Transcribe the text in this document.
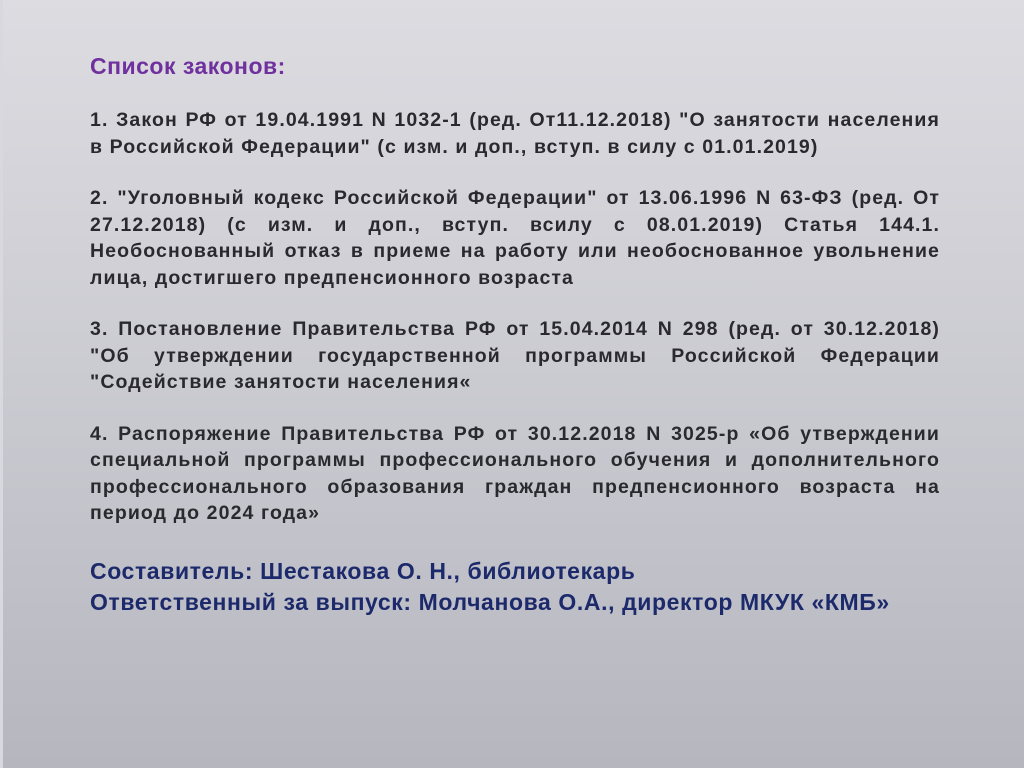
Список законов:
1. Закон РФ от 19.04.1991 N 1032-1 (ред. От11.12.2018) "О занятости населения в Российской Федерации" (с изм. и доп., вступ. в силу с 01.01.2019)
2. "Уголовный кодекс Российской Федерации" от 13.06.1996 N 63-ФЗ (ред. От 27.12.2018) (с изм. и доп., вступ. всилу с 08.01.2019) Статья 144.1. Необоснованный отказ в приеме на работу или необоснованное увольнение лица, достигшего предпенсионного возраста
3. Постановление Правительства РФ от 15.04.2014 N 298 (ред. от 30.12.2018) "Об утверждении государственной программы Российской Федерации "Содействие занятости населения«
4. Распоряжение Правительства РФ от 30.12.2018 N 3025-р «Об утверждении специальной программы профессионального обучения и дополнительного профессионального образования граждан предпенсионного возраста на период до 2024 года»
Составитель: Шестакова О. Н., библиотекарь
Ответственный за выпуск: Молчанова О.А., директор МКУК «КМБ»
